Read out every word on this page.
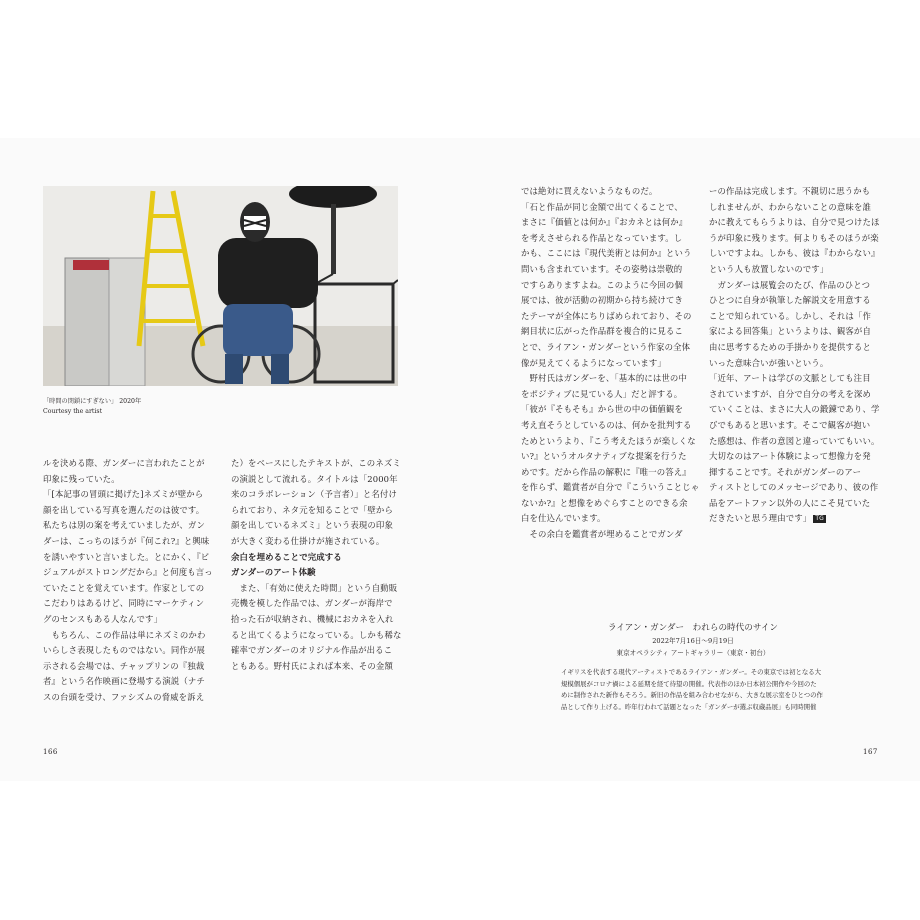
「時間の閉鎖にすぎない」 2020年
Courtesy the artist

ルを決める際、ガンダーに言われたことが

印象に残っていた。

「[本記事の冒頭に掲げた]ネズミが壁から

顔を出している写真を選んだのは彼です。

私たちは別の案を考えていましたが、ガン

ダーは、こっちのほうが『何これ?』と興味

を誘いやすいと言いました。とにかく、『ビ

ジュアルがストロングだから』と何度も言っ

ていたことを覚えています。作家としての

こだわりはあるけど、同時にマーケティン

グのセンスもある人なんです」

　もちろん、この作品は単にネズミのかわ

いらしさ表現したものではない。同作が展

示される会場では、チャップリンの『独裁

者』という名作映画に登場する演説（ナチ

スの台頭を受け、ファシズムの脅威を訴え

た）をベースにしたテキストが、このネズミ

の演説として流れる。タイトルは「2000年

来のコラボレーション（予言者）」と名付け

られており、ネタ元を知ることで「壁から

顔を出しているネズミ」という表現の印象

が大きく変わる仕掛けが施されている。

余白を埋めることで完成する

ガンダーのアート体験

　また、「有効に使えた時間」という自動販

売機を模した作品では、ガンダーが海岸で

拾った石が収納され、機械におカネを入れ

ると出てくるようになっている。しかも稀な

確率でガンダーのオリジナル作品が出るこ

ともある。野村氏によれば本来、その金額

では絶対に買えないようなものだ。

「石と作品が同じ金額で出てくることで、

まさに『価値とは何か』『おカネとは何か』

を考えさせられる作品となっています。し

かも、ここには『現代美術とは何か』という

問いも含まれています。その姿勢は崇敬的

ですらありますよね。このように今回の個

展では、彼が活動の初期から持ち続けてき

たテーマが全体にちりばめられており、その

網目状に広がった作品群を複合的に見るこ

とで、ライアン・ガンダーという作家の全体

像が見えてくるようになっています」

　野村氏はガンダーを、「基本的には世の中

をポジティブに見ている人」だと評する。

「彼が『そもそも』から世の中の価値観を

考え直そうとしているのは、何かを批判する

ためというより、『こう考えたほうが楽しくな

い?』というオルタナティブな提案を行うた

めです。だから作品の解釈に『唯一の答え』

を作らず、鑑賞者が自分で『こういうことじゃ

ないか?』と想像をめぐらすことのできる余

白を仕込んでいます。

　その余白を鑑賞者が埋めることでガンダ

ーの作品は完成します。不親切に思うかも

しれませんが、わからないことの意味を誰

かに教えてもらうよりは、自分で見つけたほ

うが印象に残ります。何よりもそのほうが楽

しいですよね。しかも、彼は『わからない』

という人も放置しないのです」

　ガンダーは展覧会のたび、作品のひとつ

ひとつに自身が執筆した解説文を用意する

ことで知られている。しかし、それは「作

家による回答集」というよりは、観客が自

由に思考するための手掛かりを提供すると

いった意味合いが強いという。

「近年、アートは学びの文脈としても注目

されていますが、自分で自分の考えを深め

ていくことは、まさに大人の鍛錬であり、学

びでもあると思います。そこで観客が抱い

た感想は、作者の意図と違っていてもいい。

大切なのはアート体験によって想像力を発

揮することです。それがガンダーのアー

ティストとしてのメッセージであり、彼の作

品をアートファン以外の人にこそ見ていた

だきたいと思う理由です」 TG

ライアン・ガンダー　われらの時代のサイン
2022年7月16日～9月19日
東京オペラシティ アートギャラリー（東京・初台）
イギリスを代表する現代アーティストであるライアン・ガンダー。その東京では初となる大
規模個展がコロナ禍による延期を経て待望の開催。代表作のほか日本初公開作や今回のた
めに制作された新作もそろう。新旧の作品を組み合わせながら、大きな展示室をひとつの作
品として作り上げる。昨年行われて話題となった「ガンダーが選ぶ収蔵品展」も同時開催
166	167
